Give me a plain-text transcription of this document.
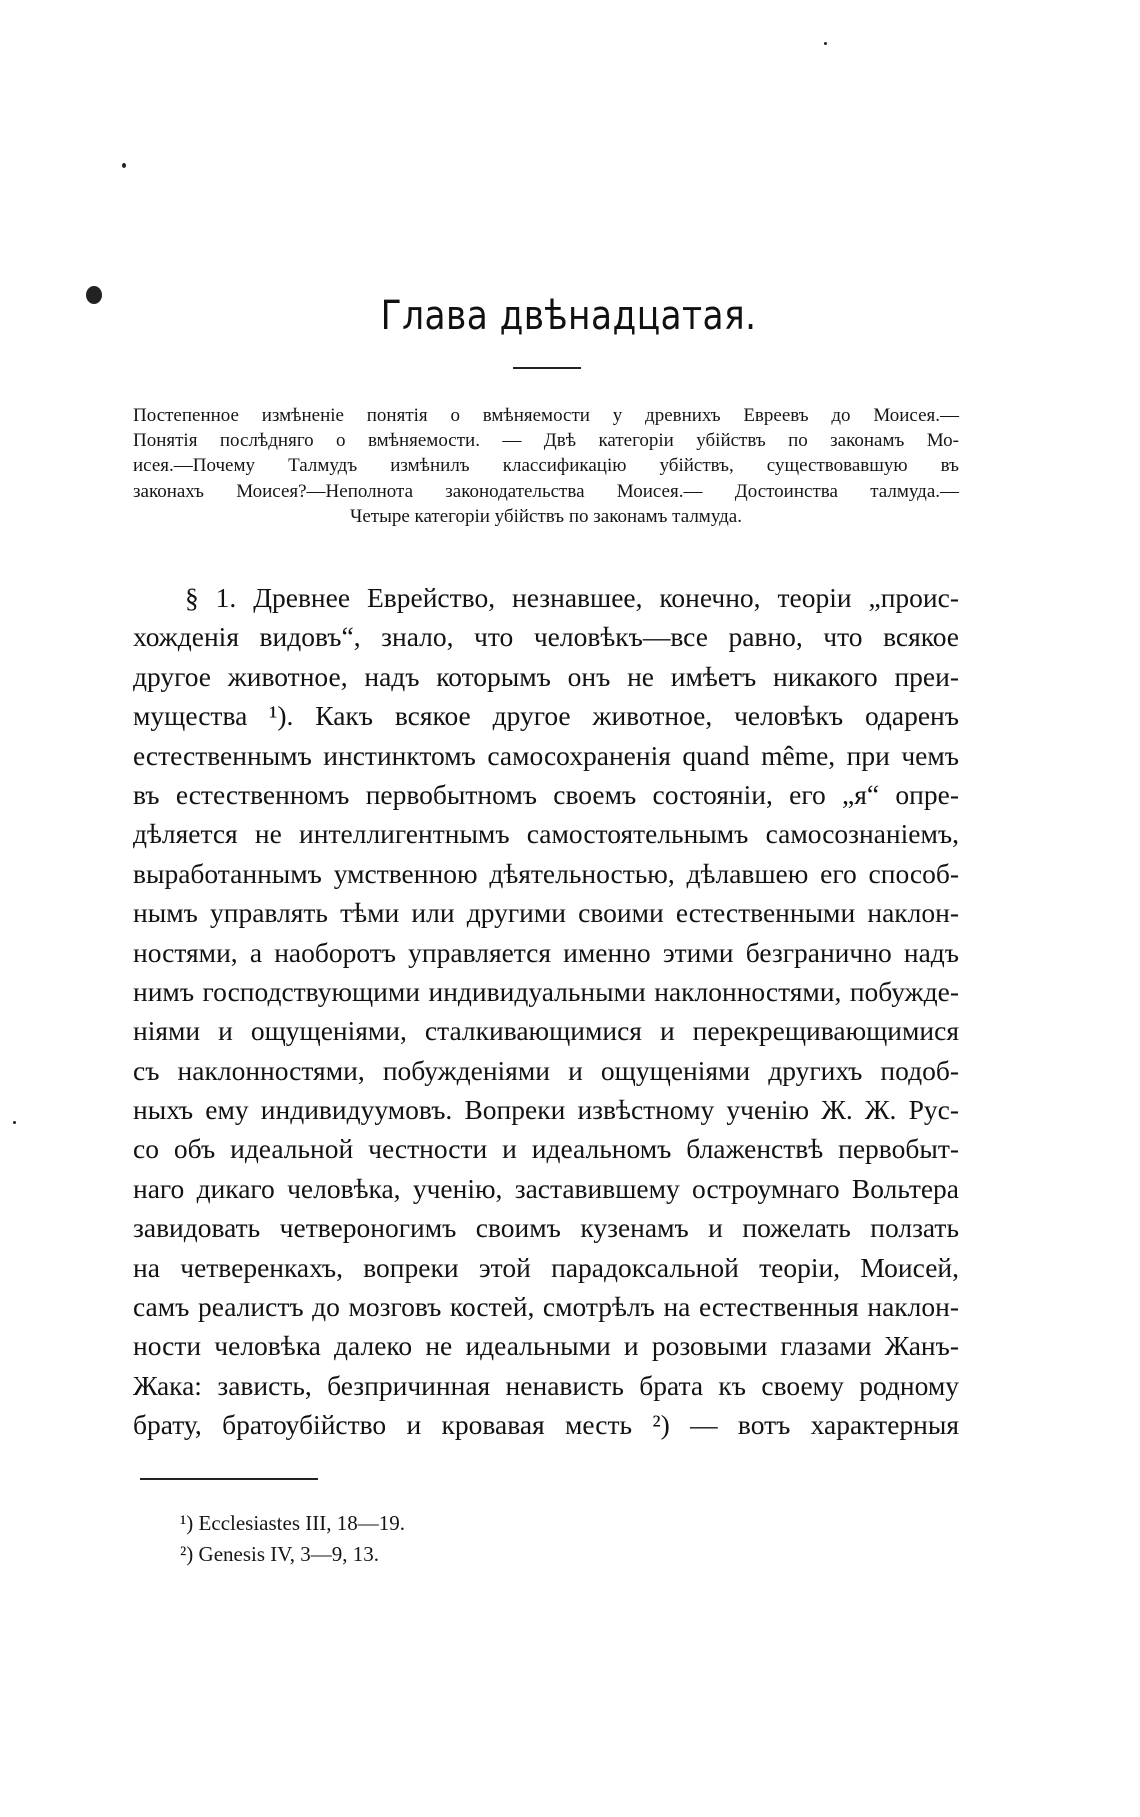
Глава двѣнадцатая.
Постепенное измѣненіе понятія о вмѣняемости у древнихъ Евреевъ до Моисея.—
Понятія послѣдняго о вмѣняемости. — Двѣ категоріи убійствъ по законамъ Мо-
исея.—Почему Талмудъ измѣнилъ классификацію убійствъ, существовавшую въ
законахъ Моисея?—Неполнота законодательства Моисея.— Достоинства талмуда.—
Четыре категоріи убійствъ по законамъ талмуда.
§ 1. Древнее Еврейство, незнавшее, конечно, теоріи „проис-
хожденія видовъ“, знало, что человѣкъ—все равно, что всякое
другое животное, надъ которымъ онъ не имѣетъ никакого преи-
мущества ¹). Какъ всякое другое животное, человѣкъ одаренъ
естественнымъ инстинктомъ самосохраненія quand même, при чемъ
въ естественномъ первобытномъ своемъ состояніи, его „я“ опре-
дѣляется не интеллигентнымъ самостоятельнымъ самосознаніемъ,
выработаннымъ умственною дѣятельностью, дѣлавшею его способ-
нымъ управлять тѣми или другими своими естественными наклон-
ностями, а наоборотъ управляется именно этими безгранично надъ
нимъ господствующими индивидуальными наклонностями, побужде-
ніями и ощущеніями, сталкивающимися и перекрещивающимися
съ наклонностями, побужденіями и ощущеніями другихъ подоб-
ныхъ ему индивидуумовъ. Вопреки извѣстному ученію Ж. Ж. Рус-
со объ идеальной честности и идеальномъ блаженствѣ первобыт-
наго дикаго человѣка, ученію, заставившему остроумнаго Вольтера
завидовать четвероногимъ своимъ кузенамъ и пожелать ползать
на четверенкахъ, вопреки этой парадоксальной теоріи, Моисей,
самъ реалистъ до мозговъ костей, смотрѣлъ на естественныя наклон-
ности человѣка далеко не идеальными и розовыми глазами Жанъ-
Жака: зависть, безпричинная ненависть брата къ своему родному
брату, братоубійство и кровавая месть ²) — вотъ характерныя
¹) Ecclesiastes III, 18—19.
²) Genesis IV, 3—9, 13.
